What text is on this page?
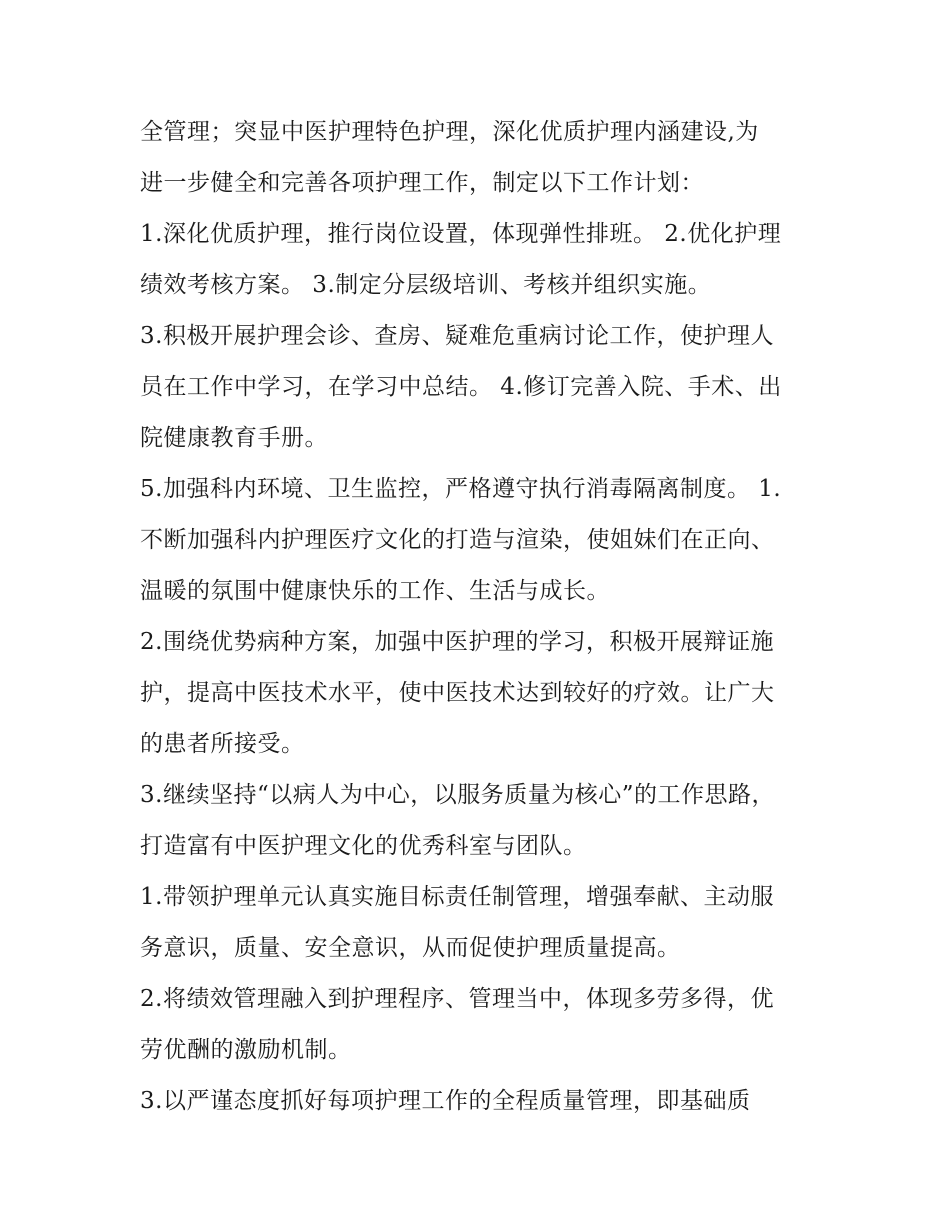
全管理；突显中医护理特色护理，深化优质护理内涵建设,为
进一步健全和完善各项护理工作，制定以下工作计划：
1.深化优质护理，推行岗位设置，体现弹性排班。 2.优化护理
绩效考核方案。 3.制定分层级培训、考核并组织实施。
3.积极开展护理会诊、查房、疑难危重病讨论工作，使护理人
员在工作中学习，在学习中总结。 4.修订完善入院、手术、出
院健康教育手册。
5.加强科内环境、卫生监控，严格遵守执行消毒隔离制度。 1.
不断加强科内护理医疗文化的打造与渲染，使姐妹们在正向、
温暖的氛围中健康快乐的工作、生活与成长。
2.围绕优势病种方案，加强中医护理的学习，积极开展辩证施
护，提高中医技术水平，使中医技术达到较好的疗效。让广大
的患者所接受。
3.继续坚持“以病人为中心，以服务质量为核心”的工作思路，
打造富有中医护理文化的优秀科室与团队。
1.带领护理单元认真实施目标责任制管理，增强奉献、主动服
务意识，质量、安全意识，从而促使护理质量提高。
2.将绩效管理融入到护理程序、管理当中，体现多劳多得，优
劳优酬的激励机制。
3.以严谨态度抓好每项护理工作的全程质量管理，即基础质
